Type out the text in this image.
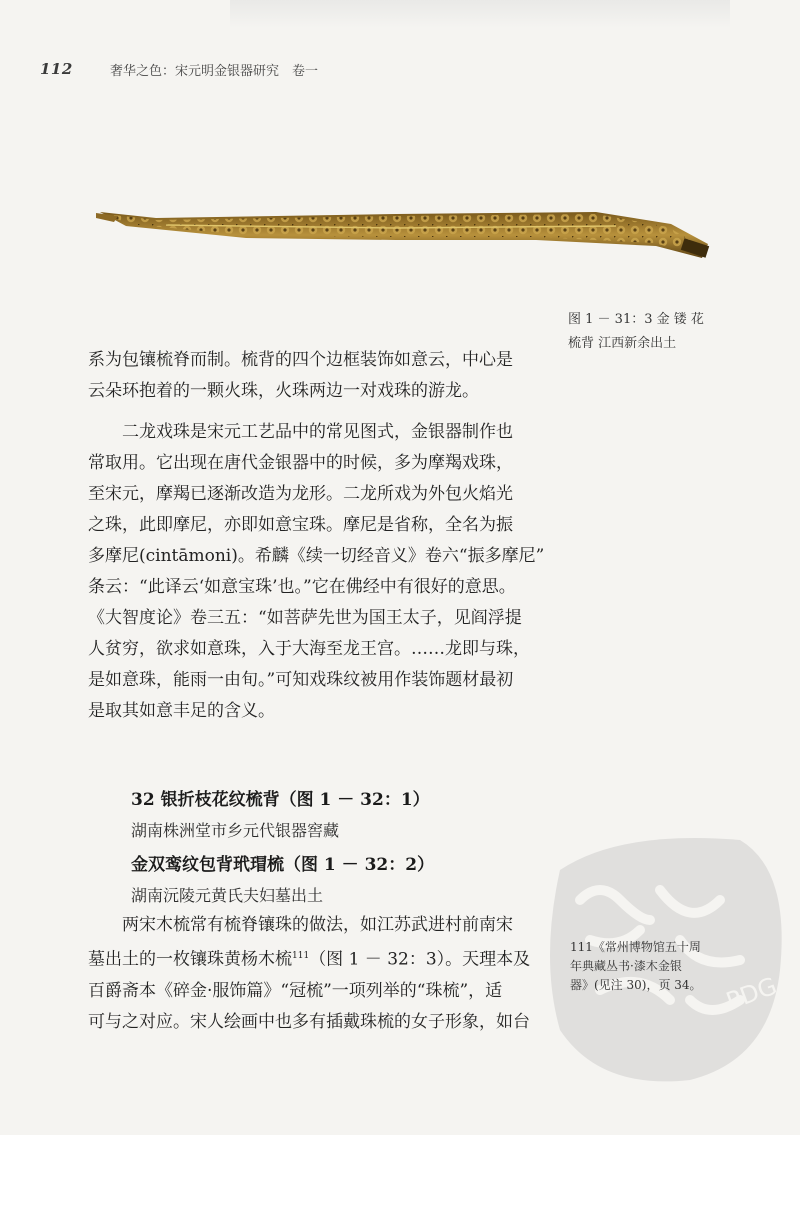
112	奢华之色：宋元明金银器研究　卷一
图 1 － 31：3 金 镂 花
梳背 江西新余出土

系为包镶梳脊而制。梳背的四个边框装饰如意云，中心是

云朵环抱着的一颗火珠，火珠两边一对戏珠的游龙。

二龙戏珠是宋元工艺品中的常见图式，金银器制作也

常取用。它出现在唐代金银器中的时候，多为摩羯戏珠，

至宋元，摩羯已逐渐改造为龙形。二龙所戏为外包火焰光

之珠，此即摩尼，亦即如意宝珠。摩尼是省称，全名为振

多摩尼(cintāmoni)。希麟《续一切经音义》卷六“振多摩尼”

条云：“此译云‘如意宝珠’也。”它在佛经中有很好的意思。

《大智度论》卷三五：“如菩萨先世为国王太子，见阎浮提

人贫穷，欲求如意珠，入于大海至龙王宫。……龙即与珠，

是如意珠，能雨一由旬。”可知戏珠纹被用作装饰题材最初

是取其如意丰足的含义。

32 银折枝花纹梳背（图 1 － 32：1）
湖南株洲堂市乡元代银器窖藏
金双鸾纹包背玳瑁梳（图 1 － 32：2）
湖南沅陵元黄氏夫妇墓出土

两宋木梳常有梳脊镶珠的做法，如江苏武进村前南宋

墓出土的一枚镶珠黄杨木梳$^{111}$（图 1 － 32：3）。天理本及

百爵斋本《碎金·服饰篇》“冠梳”一项列举的“珠梳”，适

可与之对应。宋人绘画中也多有插戴珠梳的女子形象，如台

PDG
111《常州博物馆五十周
年典藏丛书·漆木金银
器》(见注 30)，页 34。
